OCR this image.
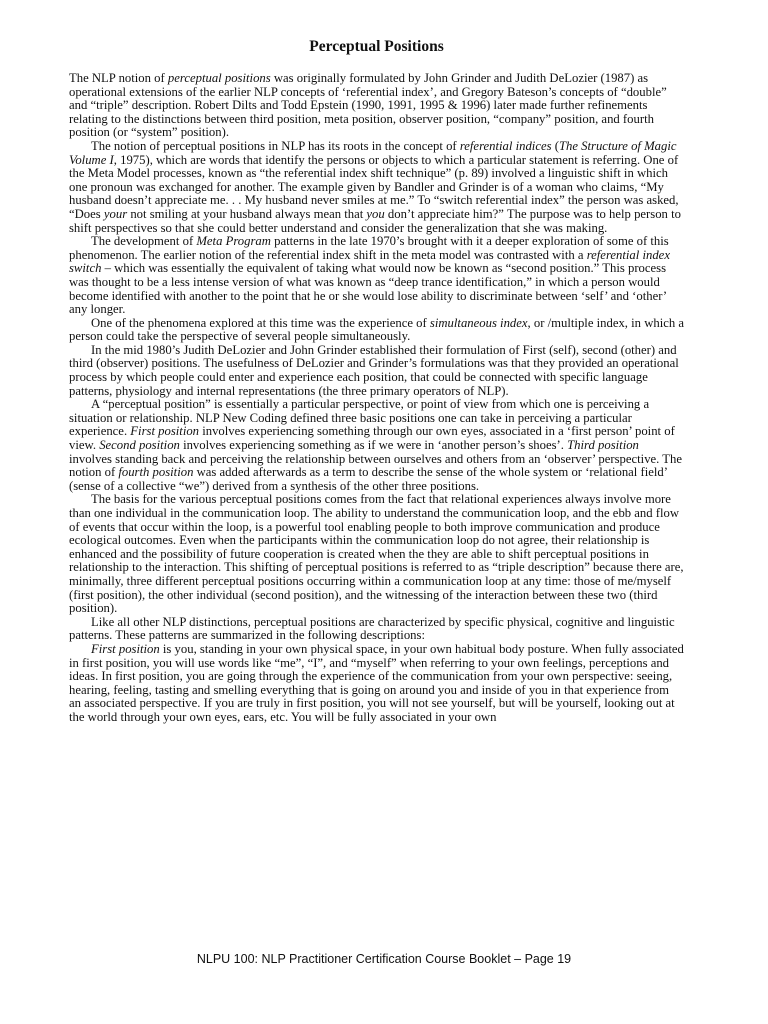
Perceptual Positions

The NLP notion of perceptual positions was originally formulated by John Grinder and Judith DeLozier (1987) as operational extensions of the earlier NLP concepts of ‘referential index’, and Gregory Bateson’s concepts of “double” and “triple” description. Robert Dilts and Todd Epstein (1990, 1991, 1995 & 1996) later made further refinements relating to the distinctions between third position, meta position, observer position, “company” position, and fourth position (or “system” position).

The notion of perceptual positions in NLP has its roots in the concept of referential indices (The Structure of Magic Volume I, 1975), which are words that identify the persons or objects to which a particular statement is referring. One of the Meta Model processes, known as “the referential index shift technique” (p. 89) involved a linguistic shift in which one pronoun was exchanged for another. The example given by Bandler and Grinder is of a woman who claims, “My husband doesn’t appreciate me. . . My husband never smiles at me.” To “switch referential index” the person was asked, “Does your not smiling at your husband always mean that you don’t appreciate him?” The purpose was to help person to shift perspectives so that she could better understand and consider the generalization that she was making.

The development of Meta Program patterns in the late 1970’s brought with it a deeper exploration of some of this phenomenon. The earlier notion of the referential index shift in the meta model was contrasted with a referential index switch – which was essentially the equivalent of taking what would now be known as “second position.” This process was thought to be a less intense version of what was known as “deep trance identification,” in which a person would become identified with another to the point that he or she would lose ability to discriminate between ‘self’ and ‘other’ any longer.

One of the phenomena explored at this time was the experience of simultaneous index, or /multiple index, in which a person could take the perspective of several people simultaneously.

In the mid 1980’s Judith DeLozier and John Grinder established their formulation of First (self), second (other) and third (observer) positions. The usefulness of DeLozier and Grinder’s formulations was that they provided an operational process by which people could enter and experience each position, that could be connected with specific language patterns, physiology and internal representations (the three primary operators of NLP).

A “perceptual position” is essentially a particular perspective, or point of view from which one is perceiving a situation or relationship. NLP New Coding defined three basic positions one can take in perceiving a particular experience. First position involves experiencing something through our own eyes, associated in a ‘first person’ point of view. Second position involves experiencing something as if we were in ‘another person’s shoes’. Third position involves standing back and perceiving the relationship between ourselves and others from an ‘observer’ perspective. The notion of fourth position was added afterwards as a term to describe the sense of the whole system or ‘relational field’ (sense of a collective “we”) derived from a synthesis of the other three positions.

The basis for the various perceptual positions comes from the fact that relational experiences always involve more than one individual in the communication loop. The ability to understand the communication loop, and the ebb and flow of events that occur within the loop, is a powerful tool enabling people to both improve communication and produce ecological outcomes. Even when the participants within the communication loop do not agree, their relationship is enhanced and the possibility of future cooperation is created when the they are able to shift perceptual positions in relationship to the interaction. This shifting of perceptual positions is referred to as “triple description” because there are, minimally, three different perceptual positions occurring within a communication loop at any time: those of me/myself (first position), the other individual (second position), and the witnessing of the interaction between these two (third position).

Like all other NLP distinctions, perceptual positions are characterized by specific physical, cognitive and linguistic patterns. These patterns are summarized in the following descriptions:

First position is you, standing in your own physical space, in your own habitual body posture. When fully associated in first position, you will use words like “me”, “I”, and “myself” when referring to your own feelings, perceptions and ideas. In first position, you are going through the experience of the communication from your own perspective: seeing, hearing, feeling, tasting and smelling everything that is going on around you and inside of you in that experience from an associated perspective. If you are truly in first position, you will not see yourself, but will be yourself, looking out at the world through your own eyes, ears, etc. You will be fully associated in your own

NLPU 100: NLP Practitioner Certification Course Booklet – Page 19
